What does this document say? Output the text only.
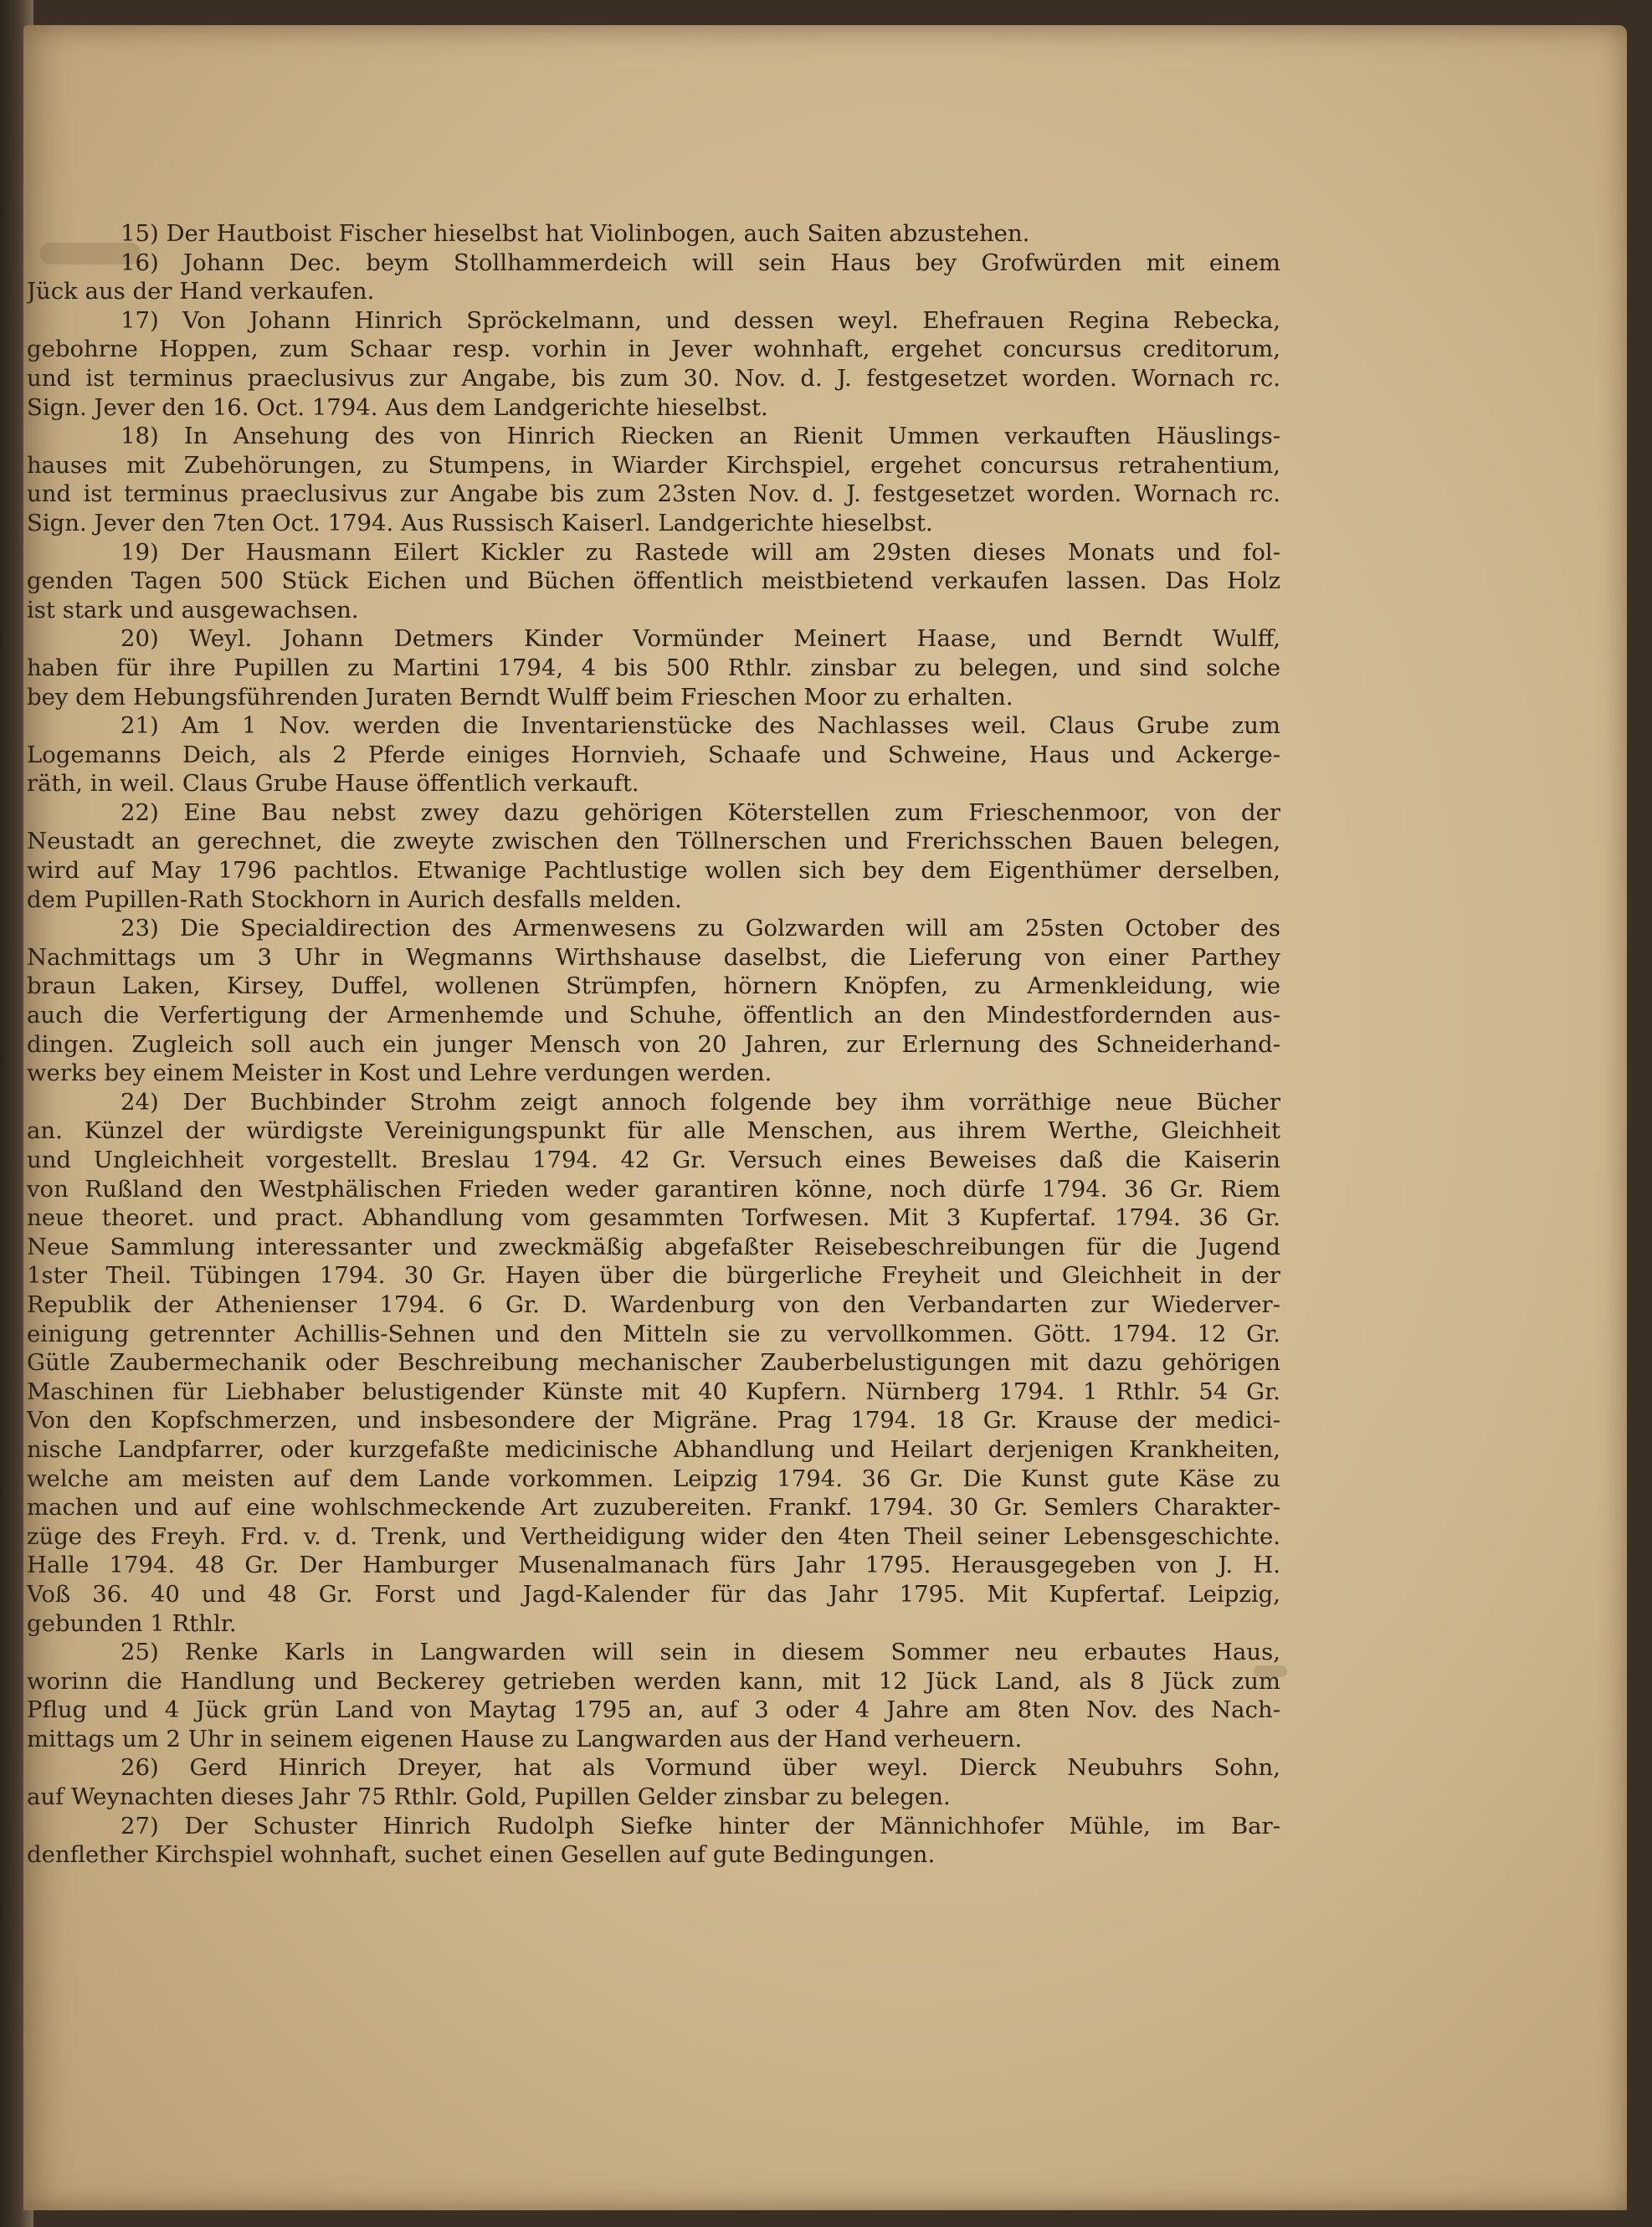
15) Der Hautboist Fischer hieselbst hat Violinbogen, auch Saiten abzustehen.
16) Johann Dec. beym Stollhammerdeich will sein Haus bey Grofwürden mit einem
Jück aus der Hand verkaufen.
17) Von Johann Hinrich Spröckelmann, und dessen weyl. Ehefrauen Regina Rebecka,
gebohrne Hoppen, zum Schaar resp. vorhin in Jever wohnhaft, ergehet concursus creditorum,
und ist terminus praeclusivus zur Angabe, bis zum 30. Nov. d. J. festgesetzet worden. Wornach rc.
Sign. Jever den 16. Oct. 1794. Aus dem Landgerichte hieselbst.
18) In Ansehung des von Hinrich Riecken an Rienit Ummen verkauften Häuslings-
hauses mit Zubehörungen, zu Stumpens, in Wiarder Kirchspiel, ergehet concursus retrahentium,
und ist terminus praeclusivus zur Angabe bis zum 23sten Nov. d. J. festgesetzet worden. Wornach rc.
Sign. Jever den 7ten Oct. 1794. Aus Russisch Kaiserl. Landgerichte hieselbst.
19) Der Hausmann Eilert Kickler zu Rastede will am 29sten dieses Monats und fol-
genden Tagen 500 Stück Eichen und Büchen öffentlich meistbietend verkaufen lassen. Das Holz
ist stark und ausgewachsen.
20) Weyl. Johann Detmers Kinder Vormünder Meinert Haase, und Berndt Wulff,
haben für ihre Pupillen zu Martini 1794, 4 bis 500 Rthlr. zinsbar zu belegen, und sind solche
bey dem Hebungsführenden Juraten Berndt Wulff beim Frieschen Moor zu erhalten.
21) Am 1 Nov. werden die Inventarienstücke des Nachlasses weil. Claus Grube zum
Logemanns Deich, als 2 Pferde einiges Hornvieh, Schaafe und Schweine, Haus und Ackerge-
räth, in weil. Claus Grube Hause öffentlich verkauft.
22) Eine Bau nebst zwey dazu gehörigen Köterstellen zum Frieschenmoor, von der
Neustadt an gerechnet, die zweyte zwischen den Töllnerschen und Frerichsschen Bauen belegen,
wird auf May 1796 pachtlos. Etwanige Pachtlustige wollen sich bey dem Eigenthümer derselben,
dem Pupillen-Rath Stockhorn in Aurich desfalls melden.
23) Die Specialdirection des Armenwesens zu Golzwarden will am 25sten October des
Nachmittags um 3 Uhr in Wegmanns Wirthshause daselbst, die Lieferung von einer Parthey
braun Laken, Kirsey, Duffel, wollenen Strümpfen, hörnern Knöpfen, zu Armenkleidung, wie
auch die Verfertigung der Armenhemde und Schuhe, öffentlich an den Mindestfordernden aus-
dingen. Zugleich soll auch ein junger Mensch von 20 Jahren, zur Erlernung des Schneiderhand-
werks bey einem Meister in Kost und Lehre verdungen werden.
24) Der Buchbinder Strohm zeigt annoch folgende bey ihm vorräthige neue Bücher
an. Künzel der würdigste Vereinigungspunkt für alle Menschen, aus ihrem Werthe, Gleichheit
und Ungleichheit vorgestellt. Breslau 1794. 42 Gr. Versuch eines Beweises daß die Kaiserin
von Rußland den Westphälischen Frieden weder garantiren könne, noch dürfe 1794. 36 Gr. Riem
neue theoret. und pract. Abhandlung vom gesammten Torfwesen. Mit 3 Kupfertaf. 1794. 36 Gr.
Neue Sammlung interessanter und zweckmäßig abgefaßter Reisebeschreibungen für die Jugend
1ster Theil. Tübingen 1794. 30 Gr. Hayen über die bürgerliche Freyheit und Gleichheit in der
Republik der Athenienser 1794. 6 Gr. D. Wardenburg von den Verbandarten zur Wiederver-
einigung getrennter Achillis-Sehnen und den Mitteln sie zu vervollkommen. Gött. 1794. 12 Gr.
Gütle Zaubermechanik oder Beschreibung mechanischer Zauberbelustigungen mit dazu gehörigen
Maschinen für Liebhaber belustigender Künste mit 40 Kupfern. Nürnberg 1794. 1 Rthlr. 54 Gr.
Von den Kopfschmerzen, und insbesondere der Migräne. Prag 1794. 18 Gr. Krause der medici-
nische Landpfarrer, oder kurzgefaßte medicinische Abhandlung und Heilart derjenigen Krankheiten,
welche am meisten auf dem Lande vorkommen. Leipzig 1794. 36 Gr. Die Kunst gute Käse zu
machen und auf eine wohlschmeckende Art zuzubereiten. Frankf. 1794. 30 Gr. Semlers Charakter-
züge des Freyh. Frd. v. d. Trenk, und Vertheidigung wider den 4ten Theil seiner Lebensgeschichte.
Halle 1794. 48 Gr. Der Hamburger Musenalmanach fürs Jahr 1795. Herausgegeben von J. H.
Voß 36. 40 und 48 Gr. Forst und Jagd-Kalender für das Jahr 1795. Mit Kupfertaf. Leipzig,
gebunden 1 Rthlr.
25) Renke Karls in Langwarden will sein in diesem Sommer neu erbautes Haus,
worinn die Handlung und Beckerey getrieben werden kann, mit 12 Jück Land, als 8 Jück zum
Pflug und 4 Jück grün Land von Maytag 1795 an, auf 3 oder 4 Jahre am 8ten Nov. des Nach-
mittags um 2 Uhr in seinem eigenen Hause zu Langwarden aus der Hand verheuern.
26) Gerd Hinrich Dreyer, hat als Vormund über weyl. Dierck Neubuhrs Sohn,
auf Weynachten dieses Jahr 75 Rthlr. Gold, Pupillen Gelder zinsbar zu belegen.
27) Der Schuster Hinrich Rudolph Siefke hinter der Männichhofer Mühle, im Bar-
denflether Kirchspiel wohnhaft, suchet einen Gesellen auf gute Bedingungen.
